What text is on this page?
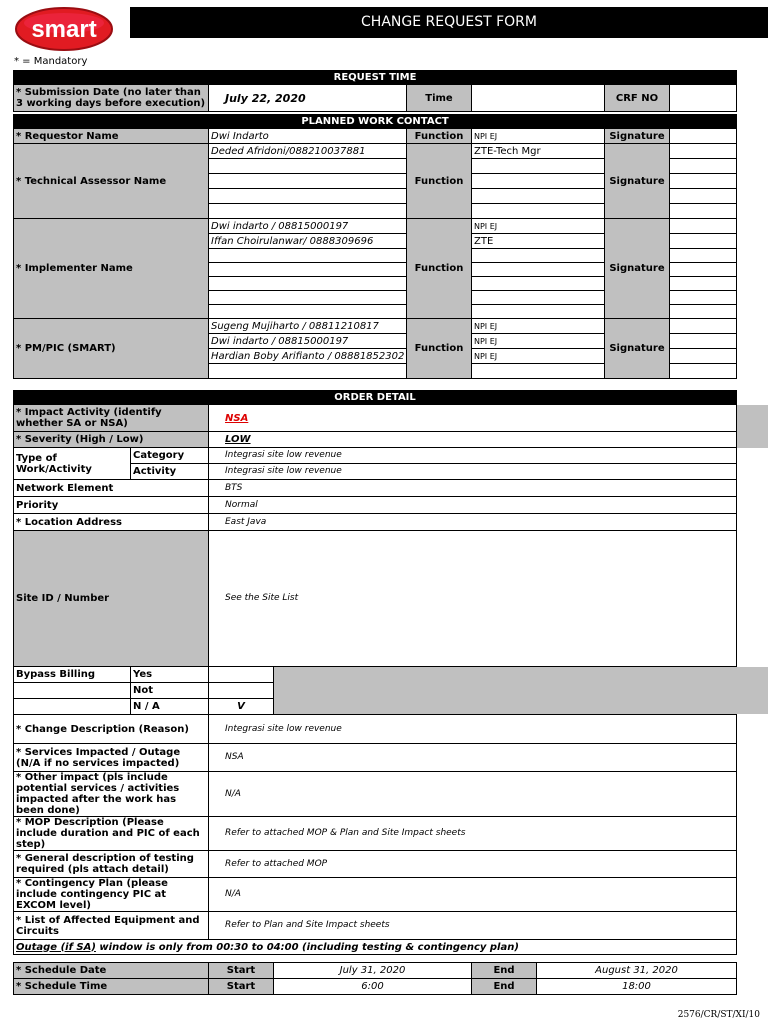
smart	CHANGE REQUEST FORM
* = Mandatory
REQUEST TIME
* Submission Date (no later than 3 working days before execution)	July 22, 2020	Time		CRF NO	
PLANNED WORK CONTACT					
* Requestor Name	Dwi Indarto	Function	NPI EJ	Signature	
* Technical Assessor Name	Deded Afridoni/088210037881	Function	ZTE-Tech Mgr	Signature	

* Implementer Name	Dwi indarto / 08815000197	Function	NPI EJ	Signature	
	Iffan Choirulanwar/ 0888309696		ZTE		

* PM/PIC (SMART)	Sugeng Mujiharto / 08811210817	Function	NPI EJ	Signature	
	Dwi indarto / 08815000197		NPI EJ		
	Hardian Boby Arifianto / 08881852302		NPI EJ		

ORDER DETAIL				
* Impact Activity (identify whether SA or NSA)		NSA		
* Severity (High / Low)		LOW		
Type of Work/Activity	Category	Integrasi site low revenue		
	Activity	Integrasi site low revenue		
Network Element		BTS		
Priority		Normal		
* Location Address		East Java		
Site ID / Number		See the Site List		
Bypass Billing	Yes			
	Not			
	N / A	V		
* Change Description (Reason)		Integrasi site low revenue		
* Services Impacted / Outage (N/A if no services impacted)		NSA		
* Other impact (pls include potential services / activities impacted after the work has been done)		N/A		
* MOP Description (Please include duration and PIC of each step)		Refer to attached MOP & Plan and Site Impact sheets		
* General description of testing required (pls attach detail)		Refer to attached MOP		
* Contingency Plan (please include contingency PIC at EXCOM level)		N/A		
* List of Affected Equipment and Circuits		Refer to Plan and Site Impact sheets		
Outage (if SA) window is only from 00:30 to 04:00 (including testing & contingency plan)				
* Schedule Date	Start	July 31, 2020	End	August 31, 2020
* Schedule Time	Start	6:00	End	18:00
2576/CR/ST/XI/10
